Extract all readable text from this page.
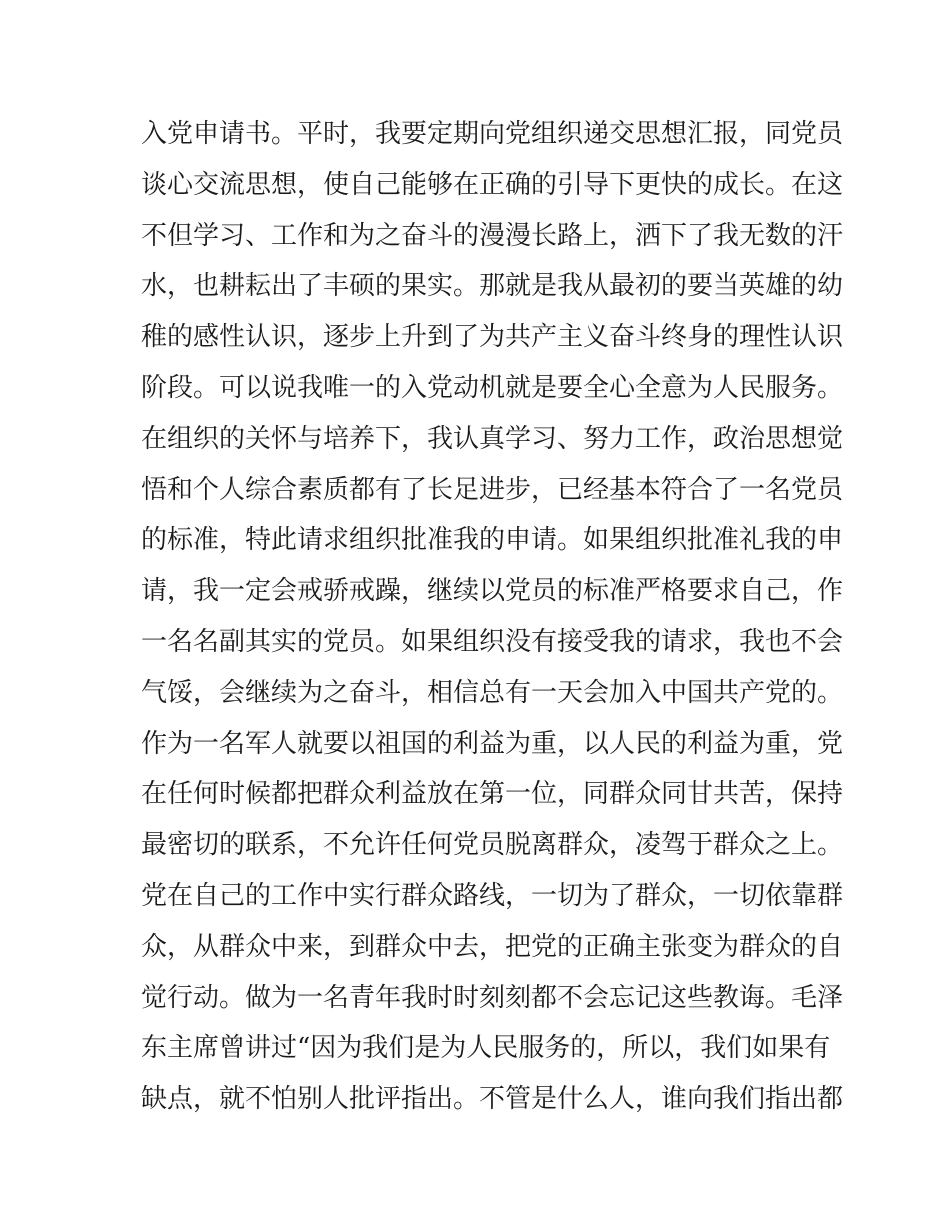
入党申请书。平时，我要定期向党组织递交思想汇报，同党员
谈心交流思想，使自己能够在正确的引导下更快的成长。在这
不但学习、工作和为之奋斗的漫漫长路上，洒下了我无数的汗
水，也耕耘出了丰硕的果实。那就是我从最初的要当英雄的幼
稚的感性认识，逐步上升到了为共产主义奋斗终身的理性认识
阶段。可以说我唯一的入党动机就是要全心全意为人民服务。
在组织的关怀与培养下，我认真学习、努力工作，政治思想觉
悟和个人综合素质都有了长足进步，已经基本符合了一名党员
的标准，特此请求组织批准我的申请。如果组织批准礼我的申
请，我一定会戒骄戒躁，继续以党员的标准严格要求自己，作
一名名副其实的党员。如果组织没有接受我的请求，我也不会
气馁，会继续为之奋斗，相信总有一天会加入中国共产党的。
作为一名军人就要以祖国的利益为重，以人民的利益为重，党
在任何时候都把群众利益放在第一位，同群众同甘共苦，保持
最密切的联系，不允许任何党员脱离群众，凌驾于群众之上。
党在自己的工作中实行群众路线，一切为了群众，一切依靠群
众，从群众中来，到群众中去，把党的正确主张变为群众的自
觉行动。做为一名青年我时时刻刻都不会忘记这些教诲。毛泽
东主席曾讲过“因为我们是为人民服务的，所以，我们如果有
缺点，就不怕别人批评指出。不管是什么人，谁向我们指出都
